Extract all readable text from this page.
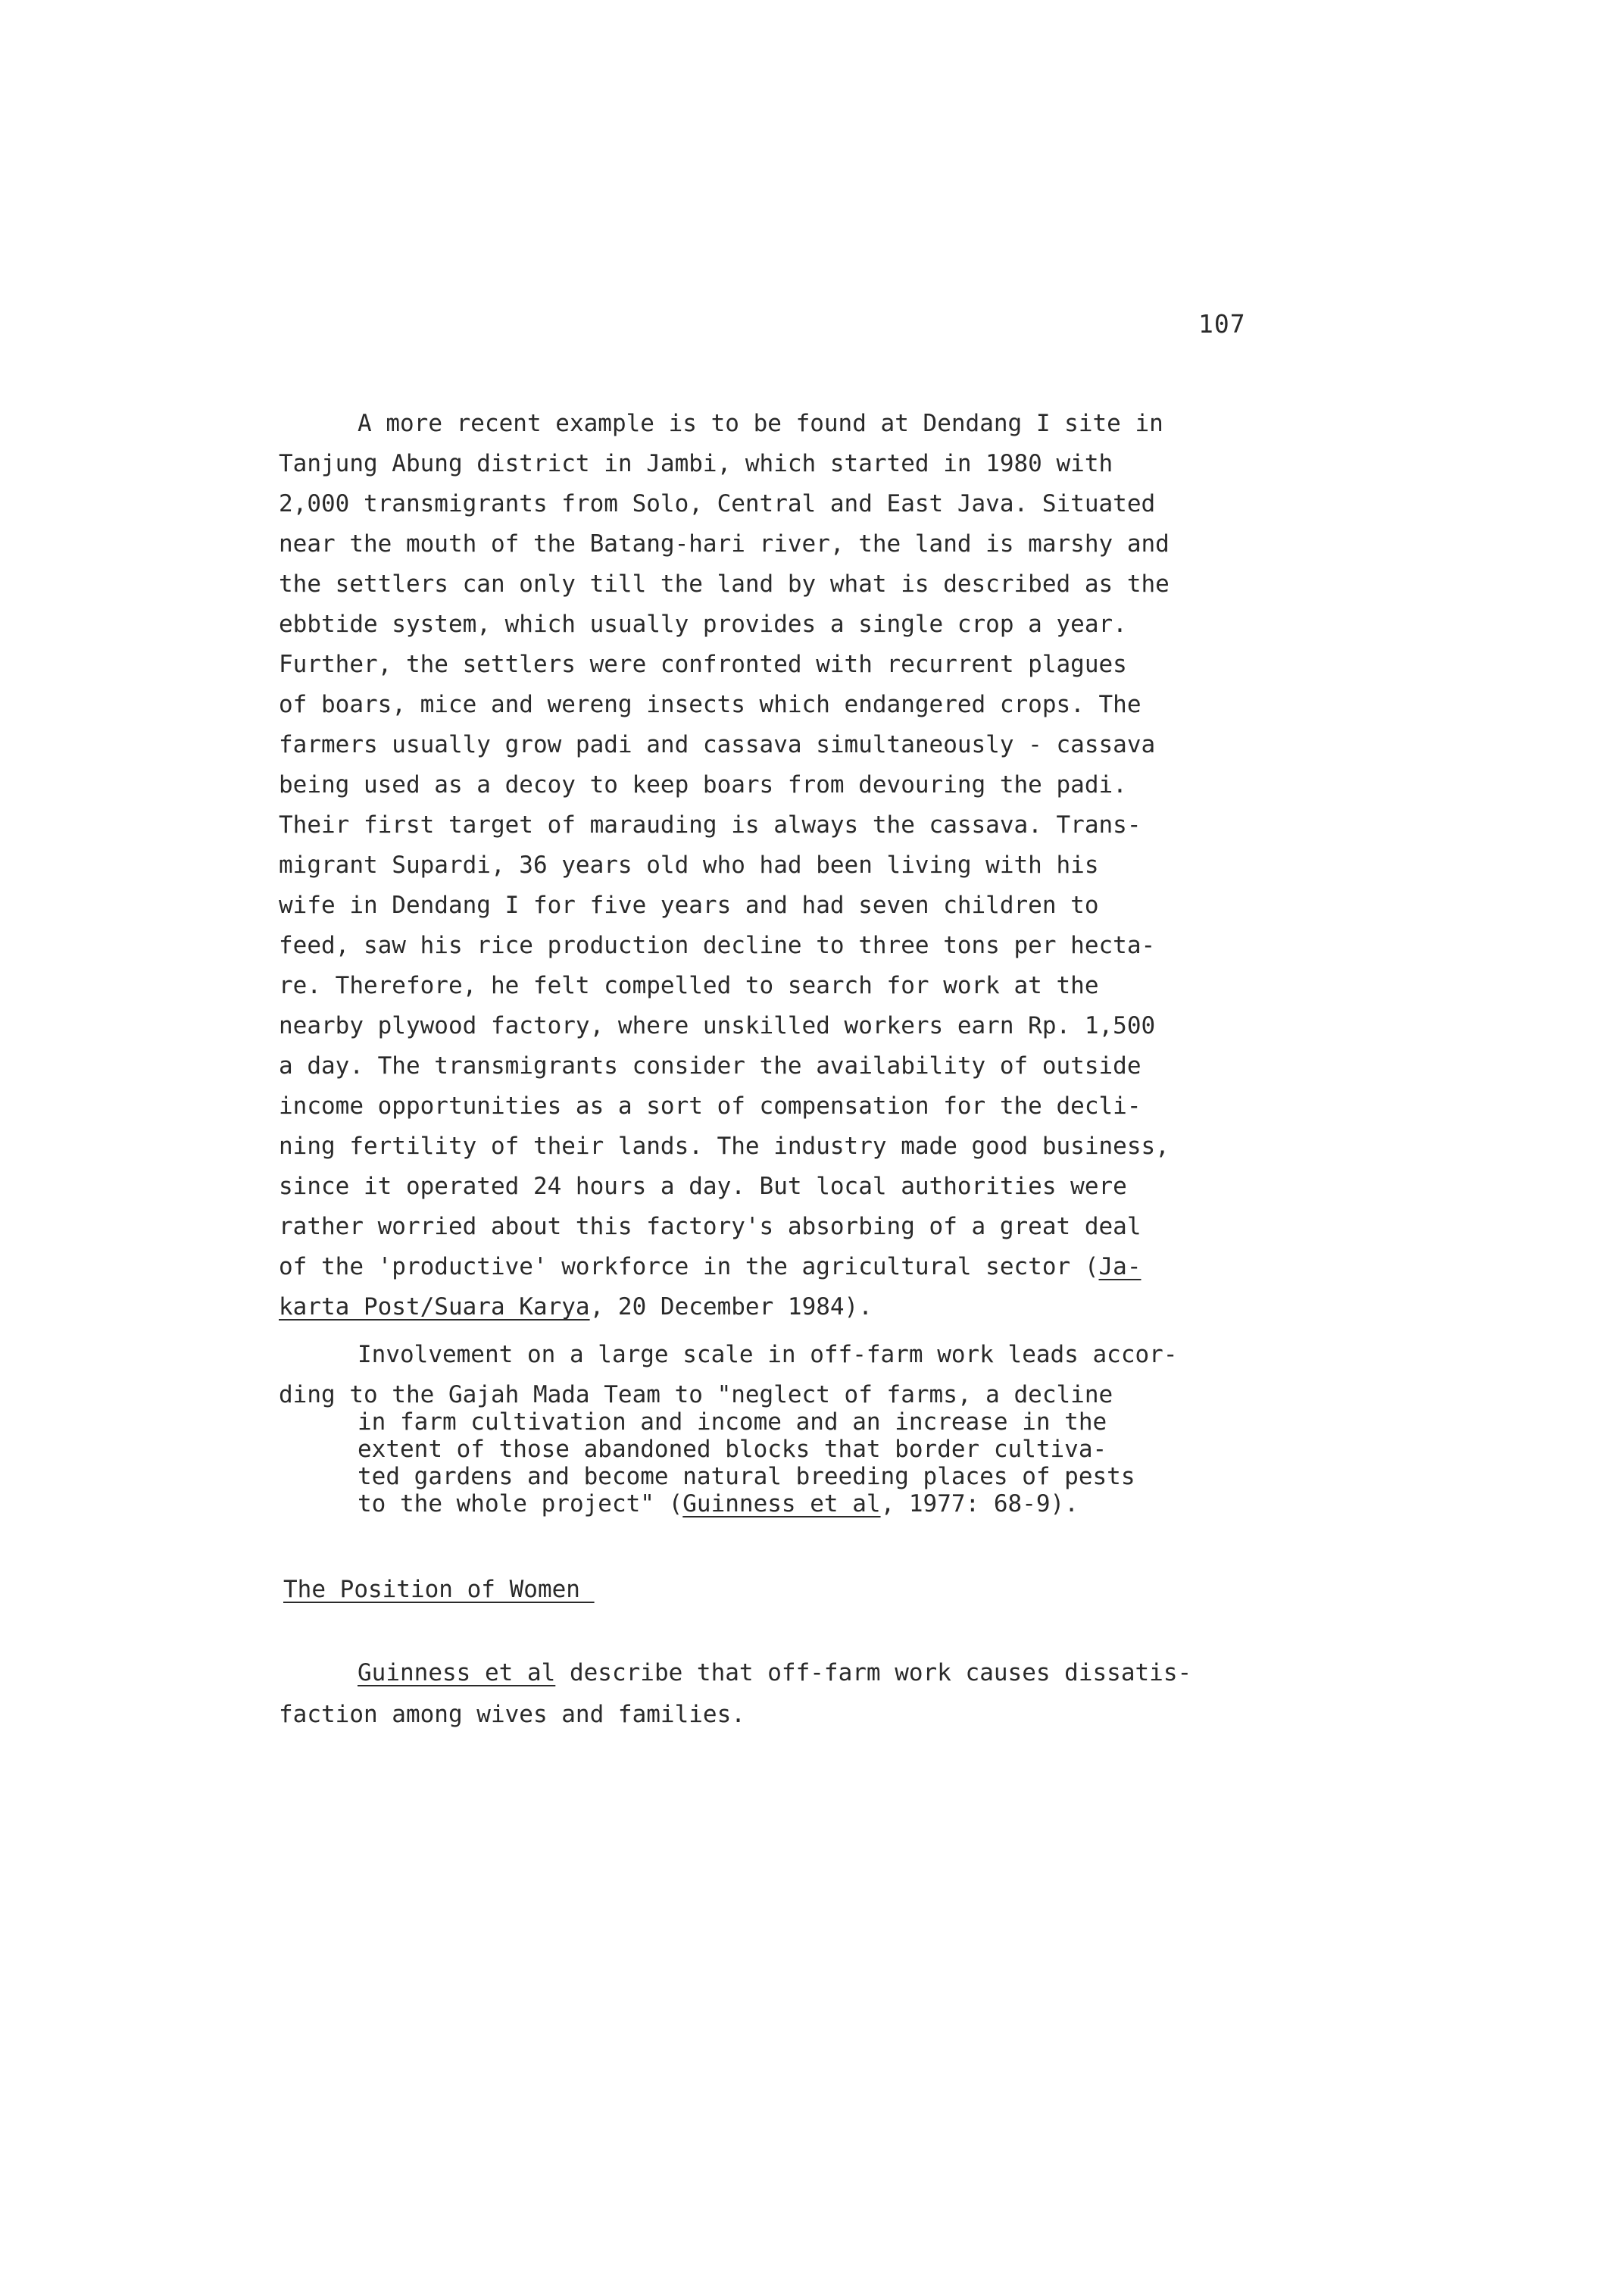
107
A more recent example is to be found at Dendang I site in
Tanjung Abung district in Jambi, which started in 1980 with
2,000 transmigrants from Solo, Central and East Java. Situated
near the mouth of the Batang-hari river, the land is marshy and
the settlers can only till the land by what is described as the
ebbtide system, which usually provides a single crop a year.
Further, the settlers were confronted with recurrent plagues
of boars, mice and wereng insects which endangered crops. The
farmers usually grow padi and cassava simultaneously - cassava
being used as a decoy to keep boars from devouring the padi.
Their first target of marauding is always the cassava. Trans-
migrant Supardi, 36 years old who had been living with his
wife in Dendang I for five years and had seven children to
feed, saw his rice production decline to three tons per hecta-
re. Therefore, he felt compelled to search for work at the
nearby plywood factory, where unskilled workers earn Rp. 1,500
a day. The transmigrants consider the availability of outside
income opportunities as a sort of compensation for the decli-
ning fertility of their lands. The industry made good business,
since it operated 24 hours a day. But local authorities were
rather worried about this factory's absorbing of a great deal
of the 'productive' workforce in the agricultural sector (Ja-
karta Post/Suara Karya, 20 December 1984).
Involvement on a large scale in off-farm work leads accor-
ding to the Gajah Mada Team to "neglect of farms, a decline
in farm cultivation and income and an increase in the
extent of those abandoned blocks that border cultiva-
ted gardens and become natural breeding places of pests
to the whole project" (Guinness et al, 1977: 68-9).
The Position of Women
Guinness et al describe that off-farm work causes dissatis-
faction among wives and families.
